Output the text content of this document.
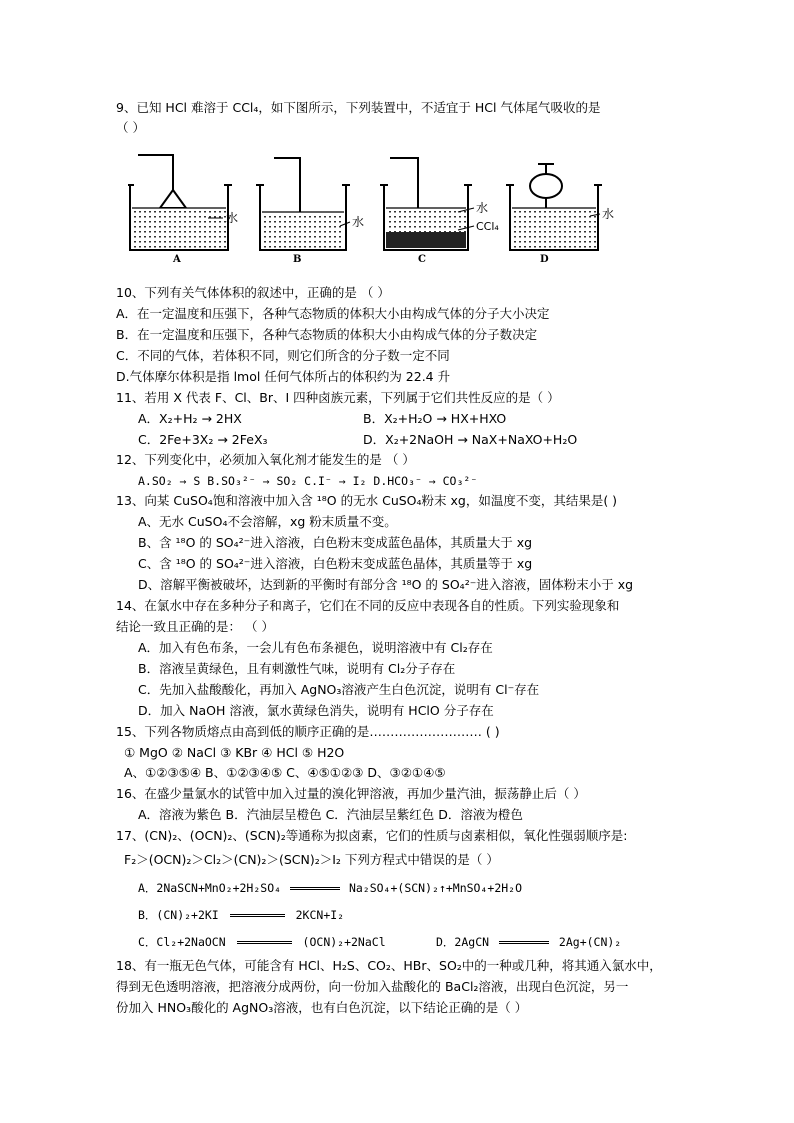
9、已知 HCl 难溶于 CCl₄，如下图所示，下列装置中，不适宜于 HCl 气体尾气吸收的是
（ ）
A	B	C	D
水	水
水
CCl₄
水
10、下列有关气体体积的叙述中，正确的是 （ ）
A．在一定温度和压强下，各种气态物质的体积大小由构成气体的分子大小决定
B．在一定温度和压强下，各种气态物质的体积大小由构成气体的分子数决定
C．不同的气体，若体积不同，则它们所含的分子数一定不同
D.气体摩尔体积是指 lmol 任何气体所占的体积约为 22.4 升
11、若用 X 代表 F、Cl、Br、I 四种卤族元素，下列属于它们共性反应的是（ ）
A．X₂+H₂ → 2HX	B．X₂+H₂O → HX+HXO
C．2Fe+3X₂ → 2FeX₃	D．X₂+2NaOH → NaX+NaXO+H₂O
12、下列变化中，必须加入氧化剂才能发生的是 （ ）
A.SO₂ → S B.SO₃²⁻ → SO₂ C.I⁻ → I₂ D.HCO₃⁻ → CO₃²⁻
13、向某 CuSO₄饱和溶液中加入含 ¹⁸O 的无水 CuSO₄粉末 xg，如温度不变，其结果是( )
A、无水 CuSO₄不会溶解，xg 粉末质量不变。
B、含 ¹⁸O 的 SO₄²⁻进入溶液，白色粉末变成蓝色晶体，其质量大于 xg
C、含 ¹⁸O 的 SO₄²⁻进入溶液，白色粉末变成蓝色晶体，其质量等于 xg
D、溶解平衡被破坏，达到新的平衡时有部分含 ¹⁸O 的 SO₄²⁻进入溶液，固体粉末小于 xg
14、在氯水中存在多种分子和离子，它们在不同的反应中表现各自的性质。下列实验现象和
结论一致且正确的是： （ ）
A．加入有色布条，一会儿有色布条褪色，说明溶液中有 Cl₂存在
B．溶液呈黄绿色，且有刺激性气味，说明有 Cl₂分子存在
C．先加入盐酸酸化，再加入 AgNO₃溶液产生白色沉淀，说明有 Cl⁻存在
D．加入 NaOH 溶液，氯水黄绿色消失，说明有 HClO 分子存在
15、下列各物质熔点由高到低的顺序正确的是……………………… ( )
① MgO ② NaCl ③ KBr ④ HCl ⑤ H2O
A、①②③⑤④ B、①②③④⑤ C、④⑤①②③ D、③②①④⑤
16、在盛少量氯水的试管中加入过量的溴化钾溶液，再加少量汽油，振荡静止后（ ）
A．溶液为紫色 B．汽油层呈橙色 C．汽油层呈紫红色 D．溶液为橙色
17、(CN)₂、(OCN)₂、(SCN)₂等通称为拟卤素，它们的性质与卤素相似，氧化性强弱顺序是:
F₂＞(OCN)₂＞Cl₂＞(CN)₂＞(SCN)₂＞I₂ 下列方程式中错误的是（ ）
A．2NaSCN+MnO₂+2H₂SO₄	Na₂SO₄+(SCN)₂↑+MnSO₄+2H₂O
B．(CN)₂+2KI	2KCN+I₂
C．Cl₂+2NaOCN	(OCN)₂+2NaCl	D．2AgCN	2Ag+(CN)₂
18、有一瓶无色气体，可能含有 HCl、H₂S、CO₂、HBr、SO₂中的一种或几种，将其通入氯水中，
得到无色透明溶液，把溶液分成两份，向一份加入盐酸化的 BaCl₂溶液，出现白色沉淀，另一
份加入 HNO₃酸化的 AgNO₃溶液，也有白色沉淀，以下结论正确的是（ ）
